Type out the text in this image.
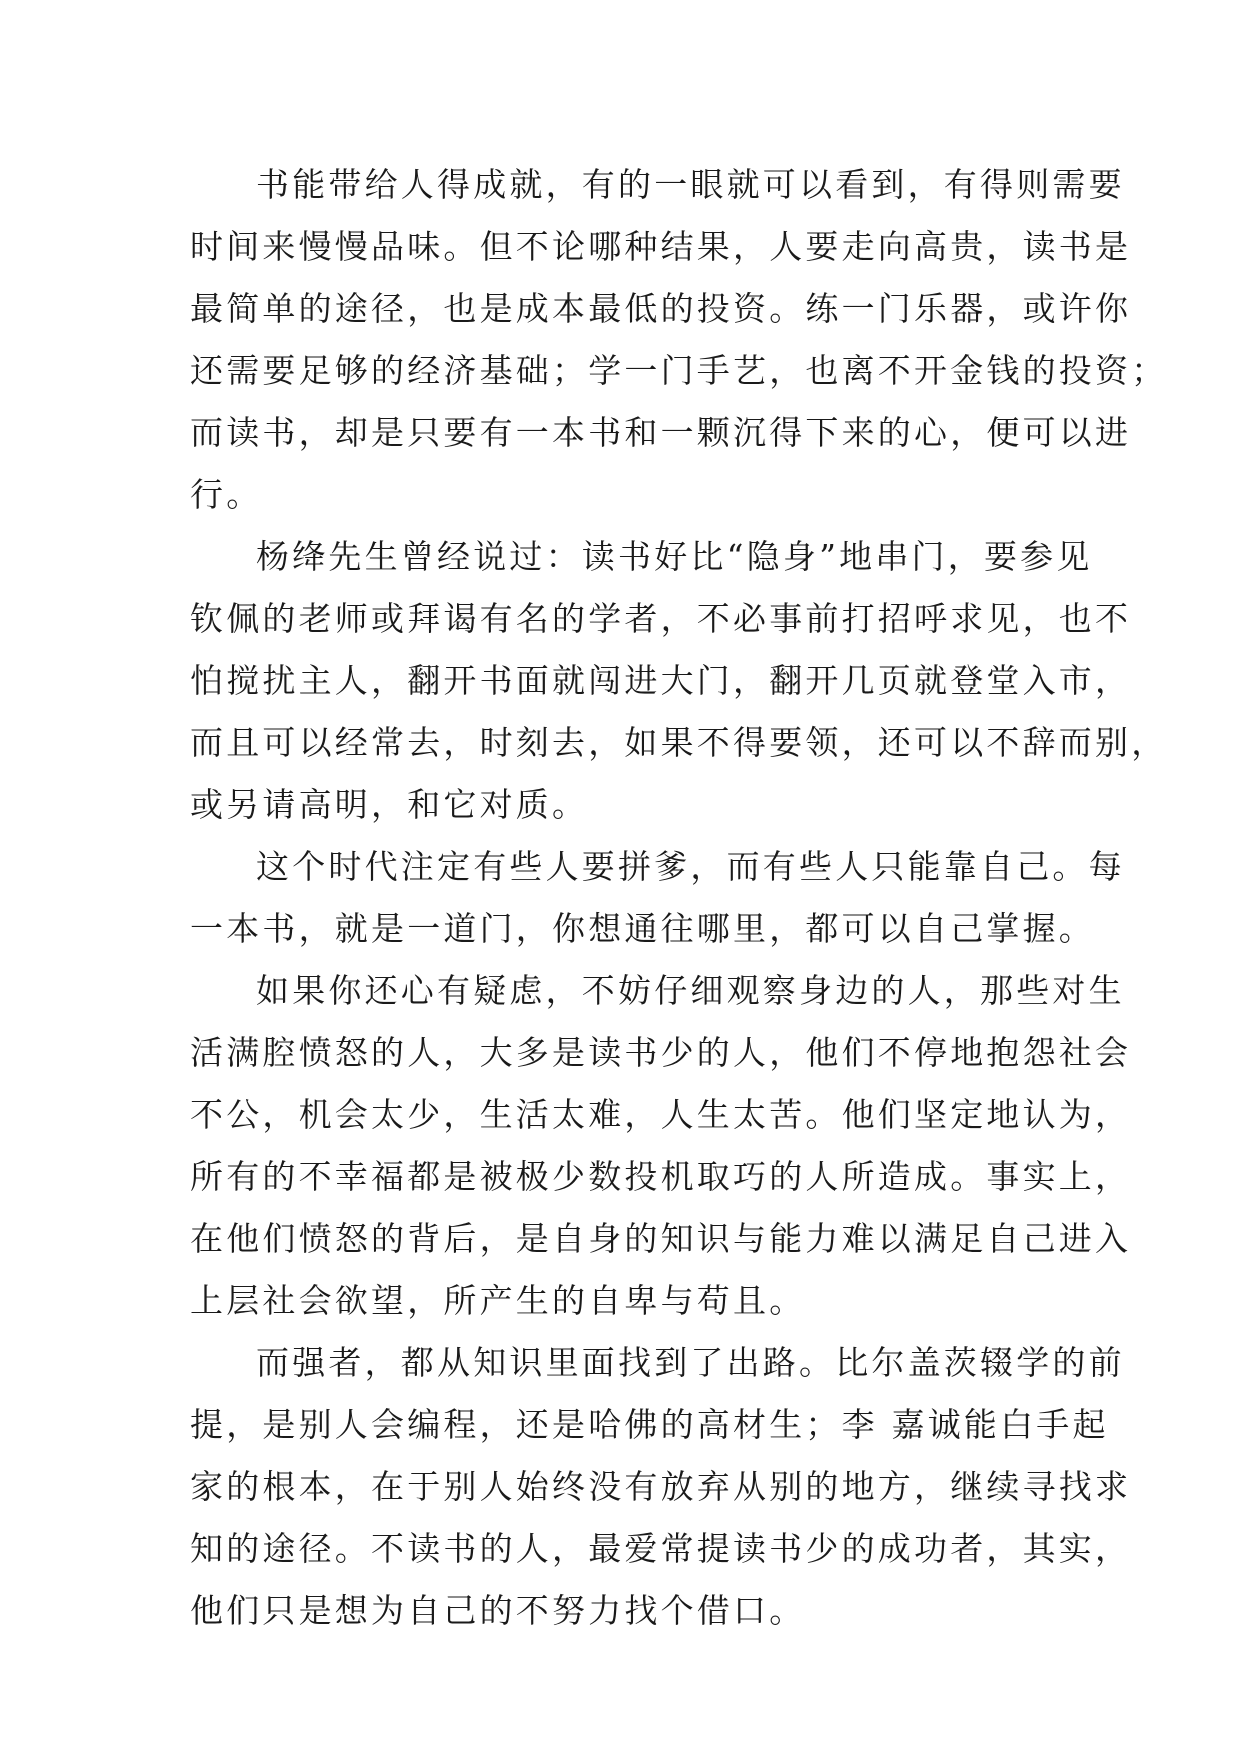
书能带给人得成就，有的一眼就可以看到，有得则需要
时间来慢慢品味。但不论哪种结果，人要走向高贵，读书是
最简单的途径，也是成本最低的投资。练一门乐器，或许你
还需要足够的经济基础；学一门手艺，也离不开金钱的投资；
而读书，却是只要有一本书和一颗沉得下来的心，便可以进
行。
杨绛先生曾经说过：读书好比“隐身”地串门，要参见
钦佩的老师或拜谒有名的学者，不必事前打招呼求见，也不
怕搅扰主人，翻开书面就闯进大门，翻开几页就登堂入市，
而且可以经常去，时刻去，如果不得要领，还可以不辞而别，
或另请高明，和它对质。
这个时代注定有些人要拼爹，而有些人只能靠自己。每
一本书，就是一道门，你想通往哪里，都可以自己掌握。
如果你还心有疑虑，不妨仔细观察身边的人，那些对生
活满腔愤怒的人，大多是读书少的人，他们不停地抱怨社会
不公，机会太少，生活太难，人生太苦。他们坚定地认为，
所有的不幸福都是被极少数投机取巧的人所造成。事实上，
在他们愤怒的背后，是自身的知识与能力难以满足自己进入
上层社会欲望，所产生的自卑与苟且。
而强者，都从知识里面找到了出路。比尔盖茨辍学的前
提，是别人会编程，还是哈佛的高材生；李 嘉诚能白手起
家的根本，在于别人始终没有放弃从别的地方，继续寻找求
知的途径。不读书的人，最爱常提读书少的成功者，其实，
他们只是想为自己的不努力找个借口。
